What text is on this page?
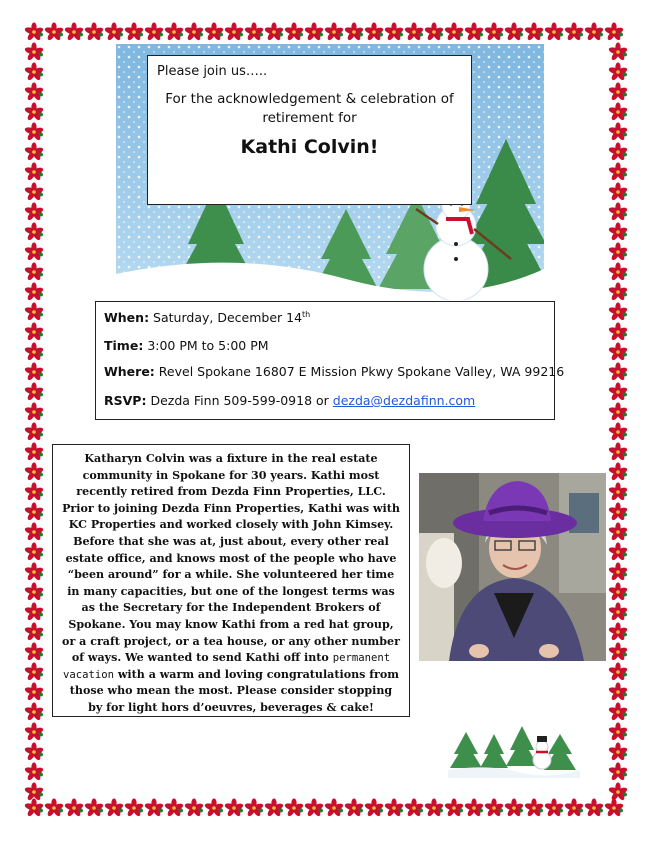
Please join us…..
For the acknowledgement & celebration of
retirement for
Kathi Colvin!
When: Saturday, December 14th
Time: 3:00 PM to 5:00 PM
Where: Revel Spokane 16807 E Mission Pkwy Spokane Valley, WA 99216
RSVP: Dezda Finn 509-599-0918 or dezda@dezdafinn.com
Katharyn Colvin was a fixture in the real estate community in Spokane for 30 years. Kathi most recently retired from Dezda Finn Properties, LLC. Prior to joining Dezda Finn Properties, Kathi was with KC Properties and worked closely with John Kimsey. Before that she was at, just about, every other real estate office, and knows most of the people who have “been around” for a while. She volunteered her time in many capacities, but one of the longest terms was as the Secretary for the Independent Brokers of Spokane. You may know Kathi from a red hat group, or a craft project, or a tea house, or any other number of ways. We wanted to send Kathi off into permanent vacation with a warm and loving congratulations from those who mean the most. Please consider stopping by for light hors d’oeuvres, beverages & cake!
